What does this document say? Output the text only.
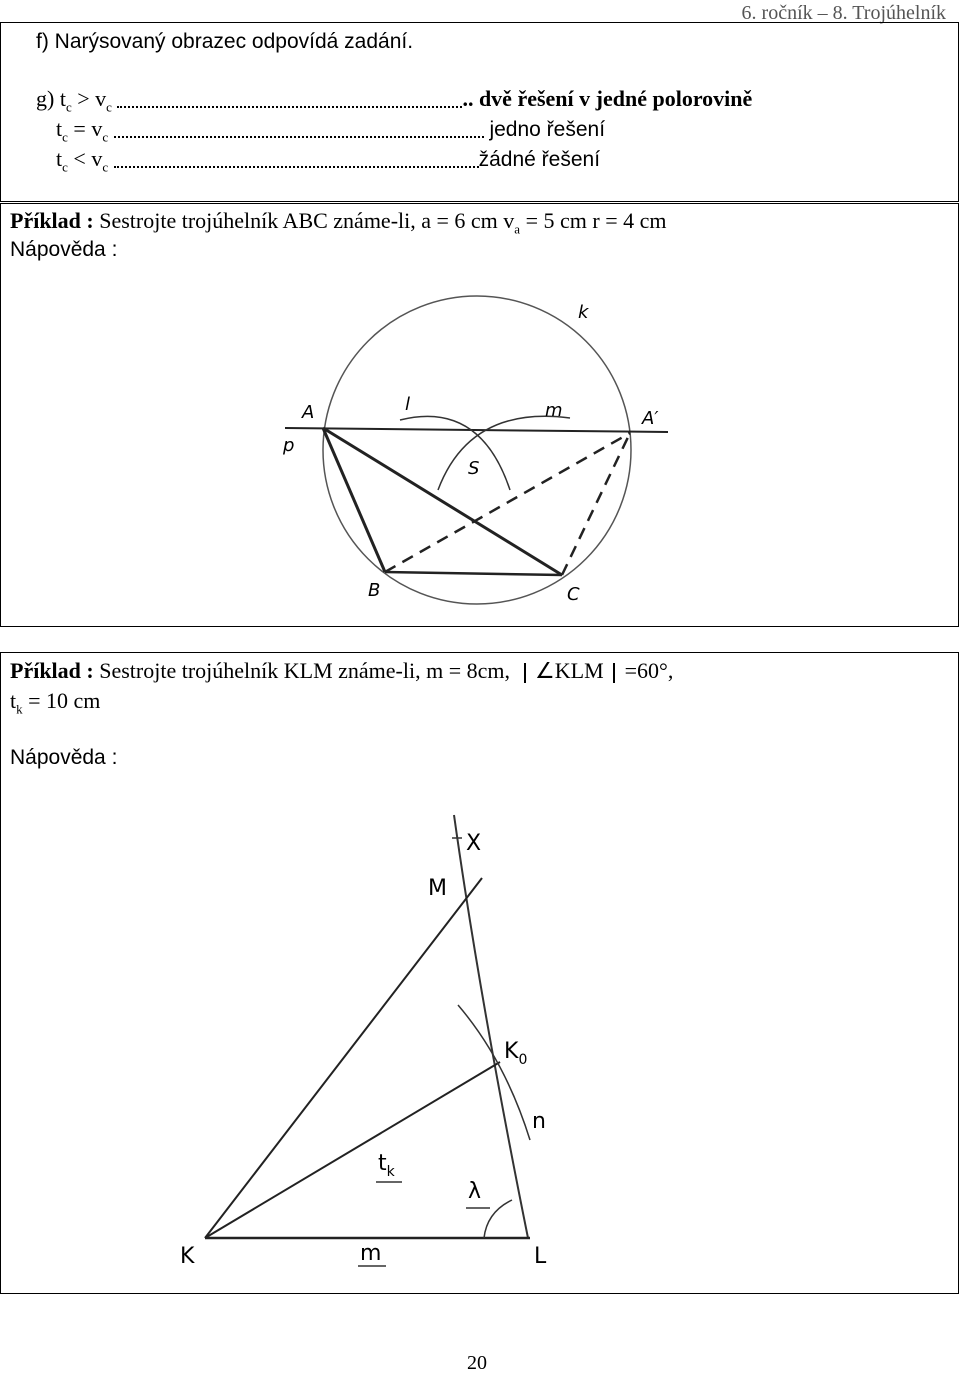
6. ročník – 8. Trojúhelník
f) Narýsovaný obrazec odpovídá zadání.
g) $t_c > v_c$	.. dvě řešení v jedné polorovině
$t_c = v_c$	jedno řešení
$t_c < v_c$	žádné řešení
Příklad : Sestrojte trojúhelník ABC známe-li, a = 6 cm $v_a = 5$ cm r = 4 cm
Nápověda :
k
A	A′
p
l	m
S
B	C
Příklad : Sestrojte trojúhelník KLM známe-li, m = 8cm,  ∠KLM  =60°,
$t_k = 10$ cm
Nápověda :
X
M
$K_0$
n
$t_k$
λ
K	m	L
20
